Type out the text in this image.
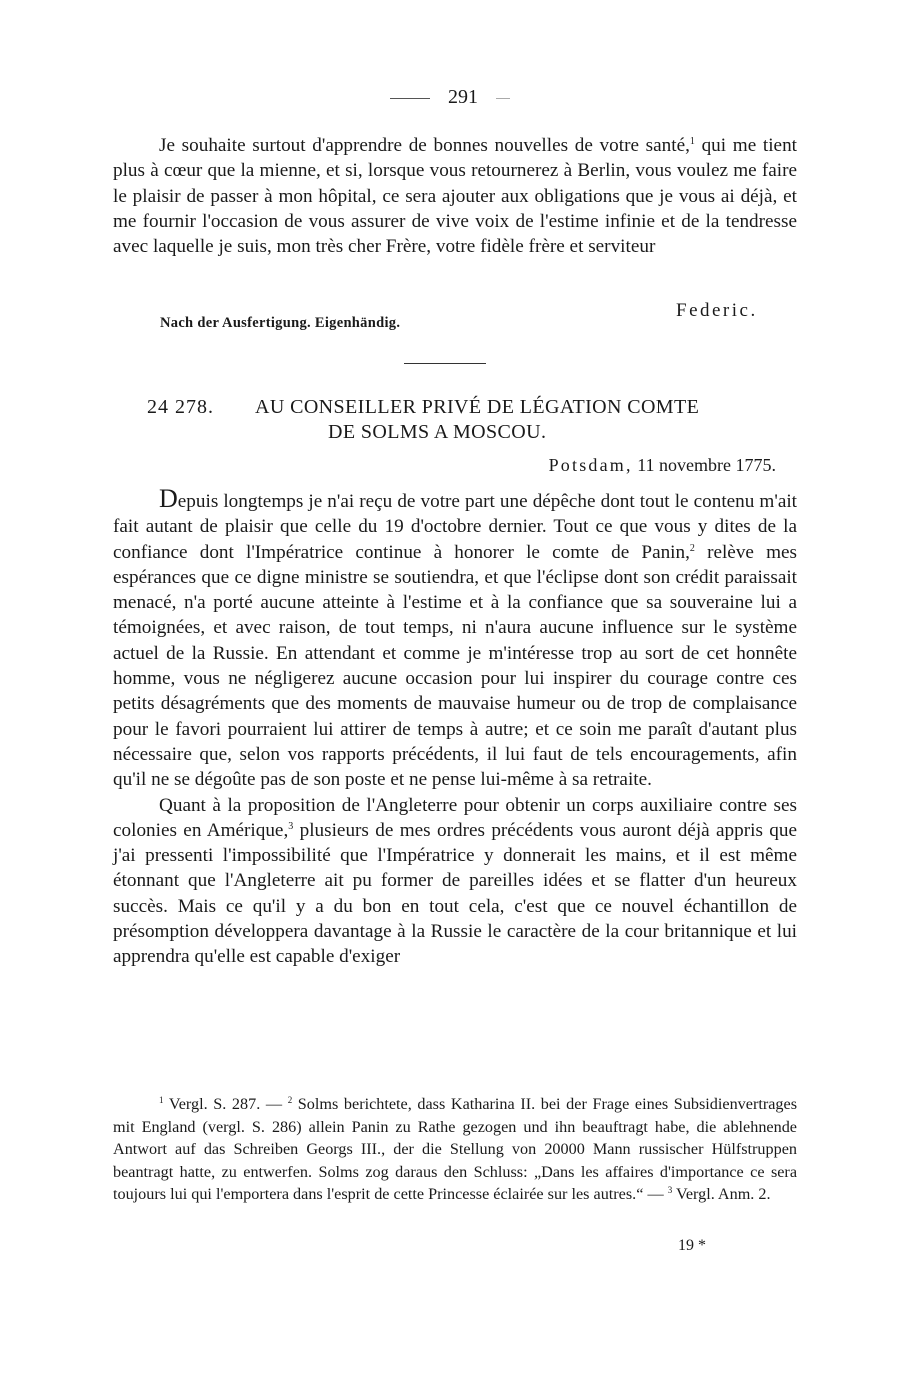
291

Je souhaite surtout d'apprendre de bonnes nouvelles de votre santé,$^1$ qui me tient plus à cœur que la mienne, et si, lorsque vous retournerez à Berlin, vous voulez me faire le plaisir de passer à mon hôpital, ce sera ajouter aux obligations que je vous ai déjà, et me fournir l'occasion de vous assurer de vive voix de l'estime infinie et de la tendresse avec laquelle je suis, mon très cher Frère, votre fidèle frère et serviteur

Federic.
Nach der Ausfertigung. Eigenhändig.
24 278. AU CONSEILLER PRIVÉ DE LÉGATION COMTE
DE SOLMS A MOSCOU.
Potsdam, 11 novembre 1775.

Depuis longtemps je n'ai reçu de votre part une dépêche dont tout le contenu m'ait fait autant de plaisir que celle du 19 d'octobre dernier. Tout ce que vous y dites de la confiance dont l'Impératrice continue à honorer le comte de Panin,$^2$ relève mes espérances que ce digne ministre se soutiendra, et que l'éclipse dont son crédit paraissait menacé, n'a porté aucune atteinte à l'estime et à la confiance que sa souveraine lui a témoignées, et avec raison, de tout temps, ni n'aura aucune influence sur le système actuel de la Russie. En attendant et comme je m'intéresse trop au sort de cet honnête homme, vous ne négligerez aucune occasion pour lui inspirer du courage contre ces petits désagréments que des moments de mauvaise humeur ou de trop de complaisance pour le favori pourraient lui attirer de temps à autre; et ce soin me paraît d'autant plus nécessaire que, selon vos rapports précédents, il lui faut de tels encouragements, afin qu'il ne se dégoûte pas de son poste et ne pense lui-même à sa retraite.

Quant à la proposition de l'Angleterre pour obtenir un corps auxiliaire contre ses colonies en Amérique,$^3$ plusieurs de mes ordres précédents vous auront déjà appris que j'ai pressenti l'impossibilité que l'Impératrice y donnerait les mains, et il est même étonnant que l'Angleterre ait pu former de pareilles idées et se flatter d'un heureux succès. Mais ce qu'il y a du bon en tout cela, c'est que ce nouvel échantillon de présomption développera davantage à la Russie le caractère de la cour britannique et lui apprendra qu'elle est capable d'exiger

$^1$ Vergl. S. 287. — $^2$ Solms berichtete, dass Katharina II. bei der Frage eines Subsidienvertrages mit England (vergl. S. 286) allein Panin zu Rathe gezogen und ihn beauftragt habe, die ablehnende Antwort auf das Schreiben Georgs III., der die Stellung von 20000 Mann russischer Hülfstruppen beantragt hatte, zu entwerfen. Solms zog daraus den Schluss: „Dans les affaires d'importance ce sera toujours lui qui l'emportera dans l'esprit de cette Princesse éclairée sur les autres.“ — $^3$ Vergl. Anm. 2.

19 *
